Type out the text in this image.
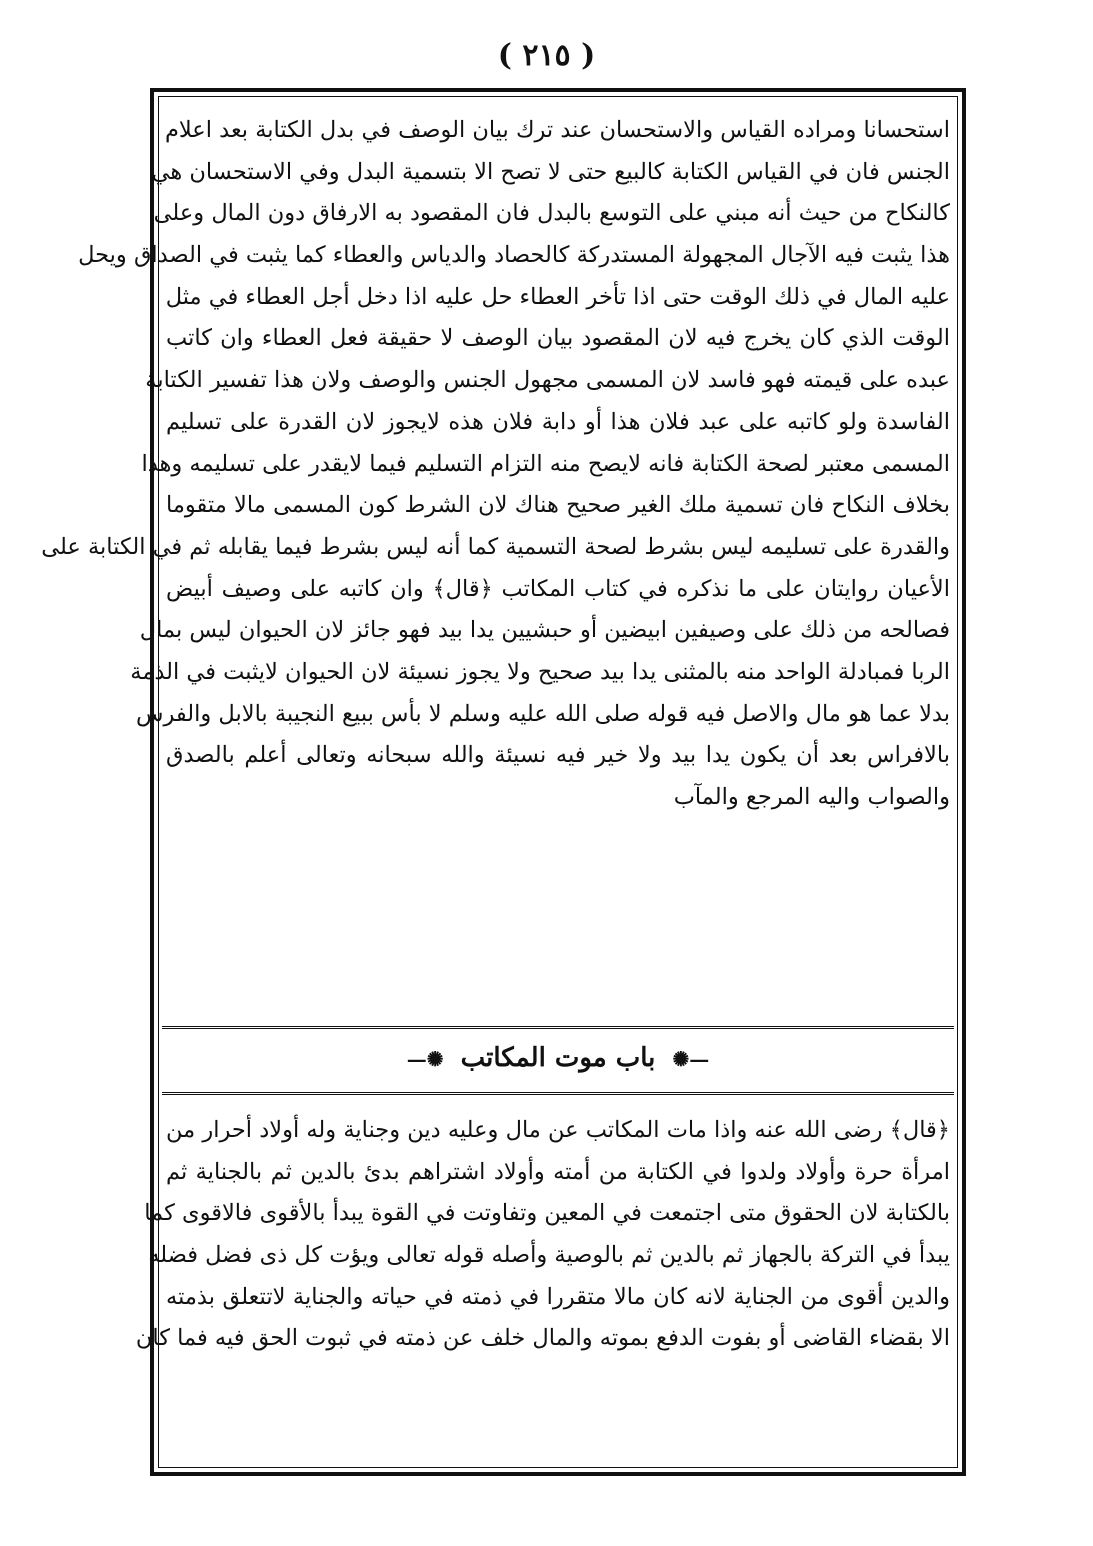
( ٢١٥ )
استحسانا ومراده القياس والاستحسان عند ترك بيان الوصف في بدل الكتابة بعد اعلام
الجنس فان في القياس الكتابة كالبيع حتى لا تصح الا بتسمية البدل وفي الاستحسان هي
كالنكاح من حيث أنه مبني على التوسع بالبدل فان المقصود به الارفاق دون المال وعلى
هذا يثبت فيه الآجال المجهولة المستدركة كالحصاد والدياس والعطاء كما يثبت في الصداق ويحل
عليه المال في ذلك الوقت حتى اذا تأخر العطاء حل عليه اذا دخل أجل العطاء في مثل
الوقت الذي كان يخرج فيه لان المقصود بيان الوصف لا حقيقة فعل العطاء وان كاتب
عبده على قيمته فهو فاسد لان المسمى مجهول الجنس والوصف ولان هذا تفسير الكتابة
الفاسدة ولو كاتبه على عبد فلان هذا أو دابة فلان هذه لايجوز لان القدرة على تسليم
المسمى معتبر لصحة الكتابة فانه لايصح منه التزام التسليم فيما لايقدر على تسليمه وهذا
بخلاف النكاح فان تسمية ملك الغير صحيح هناك لان الشرط كون المسمى مالا متقوما
والقدرة على تسليمه ليس بشرط لصحة التسمية كما أنه ليس بشرط فيما يقابله ثم في الكتابة على
الأعيان روايتان على ما نذكره في كتاب المكاتب ﴿قال﴾ وان كاتبه على وصيف أبيض
فصالحه من ذلك على وصيفين ابيضين أو حبشيين يدا بيد فهو جائز لان الحيوان ليس بمال
الربا فمبادلة الواحد منه بالمثنى يدا بيد صحيح ولا يجوز نسيئة لان الحيوان لايثبت في الذمة
بدلا عما هو مال والاصل فيه قوله صلى الله عليه وسلم لا بأس ببيع النجيبة بالابل والفرس
بالافراس بعد أن يكون يدا بيد ولا خير فيه نسيئة والله سبحانه وتعالى أعلم بالصدق
والصواب واليه المرجع والمآب
—✺ باب موت المكاتب ✺—
﴿قال﴾ رضى الله عنه واذا مات المكاتب عن مال وعليه دين وجناية وله أولاد أحرار من
امرأة حرة وأولاد ولدوا في الكتابة من أمته وأولاد اشتراهم بدئ بالدين ثم بالجناية ثم
بالكتابة لان الحقوق متى اجتمعت في المعين وتفاوتت في القوة يبدأ بالأقوى فالاقوى كما
يبدأ في التركة بالجهاز ثم بالدين ثم بالوصية وأصله قوله تعالى ويؤت كل ذى فضل فضله
والدين أقوى من الجناية لانه كان مالا متقررا في ذمته في حياته والجناية لاتتعلق بذمته
الا بقضاء القاضى أو بفوت الدفع بموته والمال خلف عن ذمته في ثبوت الحق فيه فما كان
